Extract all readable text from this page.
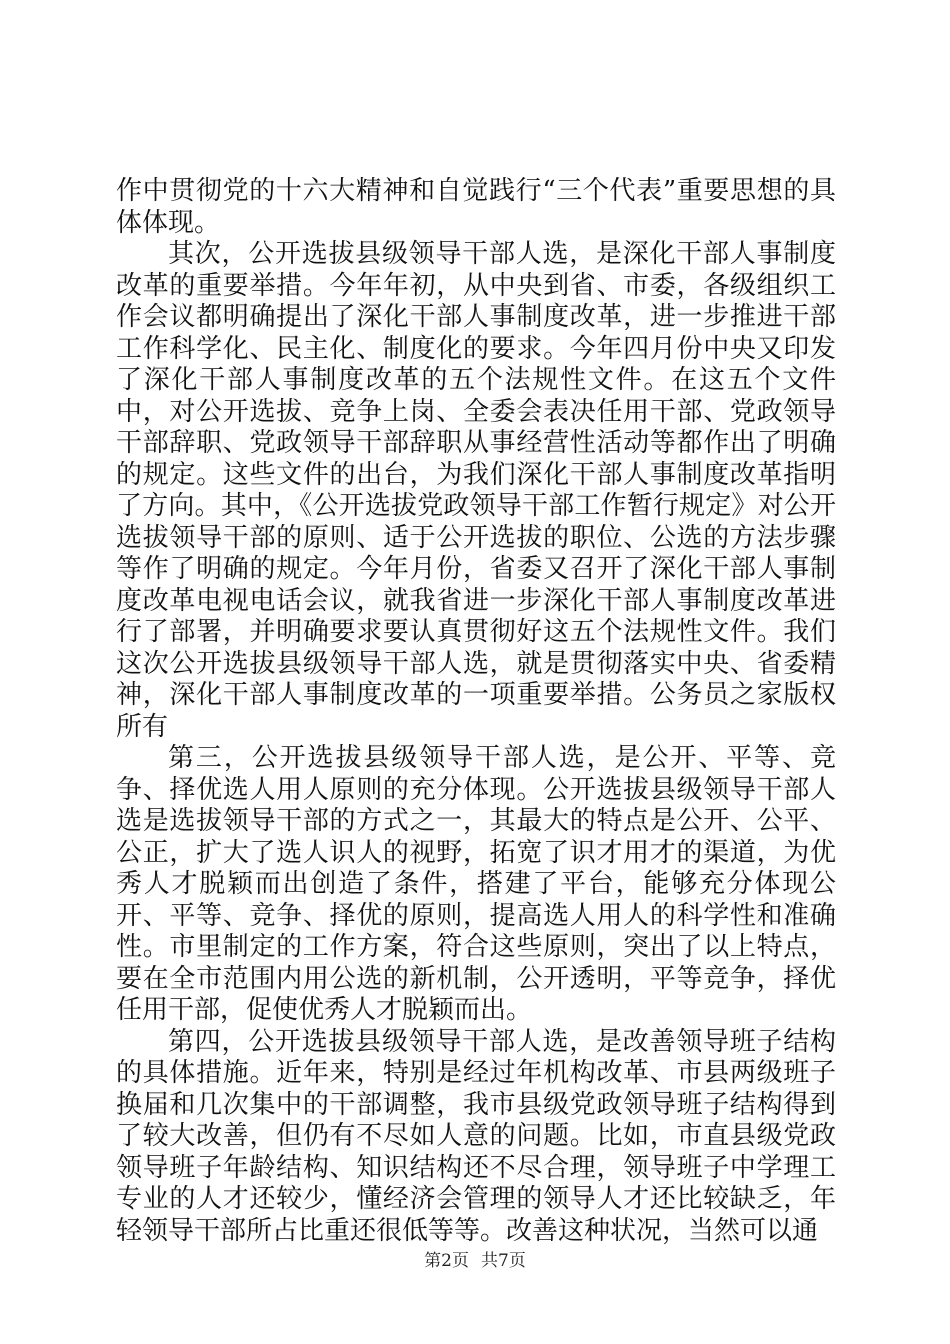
作中贯彻党的十六大精神和自觉践行“三个代表”重要思想的具体体现。

其次，公开选拔县级领导干部人选，是深化干部人事制度改革的重要举措。今年年初，从中央到省、市委，各级组织工作会议都明确提出了深化干部人事制度改革，进一步推进干部工作科学化、民主化、制度化的要求。今年四月份中央又印发了深化干部人事制度改革的五个法规性文件。在这五个文件中，对公开选拔、竞争上岗、全委会表决任用干部、党政领导干部辞职、党政领导干部辞职从事经营性活动等都作出了明确的规定。这些文件的出台，为我们深化干部人事制度改革指明了方向。其中，《公开选拔党政领导干部工作暂行规定》对公开选拔领导干部的原则、适于公开选拔的职位、公选的方法步骤等作了明确的规定。今年月份，省委又召开了深化干部人事制度改革电视电话会议，就我省进一步深化干部人事制度改革进行了部署，并明确要求要认真贯彻好这五个法规性文件。我们这次公开选拔县级领导干部人选，就是贯彻落实中央、省委精神，深化干部人事制度改革的一项重要举措。公务员之家版权所有

第三，公开选拔县级领导干部人选，是公开、平等、竞争、择优选人用人原则的充分体现。公开选拔县级领导干部人选是选拔领导干部的方式之一，其最大的特点是公开、公平、公正，扩大了选人识人的视野，拓宽了识才用才的渠道，为优秀人才脱颖而出创造了条件，搭建了平台，能够充分体现公开、平等、竞争、择优的原则，提高选人用人的科学性和准确性。市里制定的工作方案，符合这些原则，突出了以上特点，要在全市范围内用公选的新机制，公开透明，平等竞争，择优任用干部，促使优秀人才脱颖而出。

第四，公开选拔县级领导干部人选，是改善领导班子结构的具体措施。近年来，特别是经过年机构改革、市县两级班子换届和几次集中的干部调整，我市县级党政领导班子结构得到了较大改善，但仍有不尽如人意的问题。比如，市直县级党政领导班子年龄结构、知识结构还不尽合理，领导班子中学理工专业的人才还较少，懂经济会管理的领导人才还比较缺乏，年轻领导干部所占比重还很低等等。改善这种状况，当然可以通

第2页 共7页
